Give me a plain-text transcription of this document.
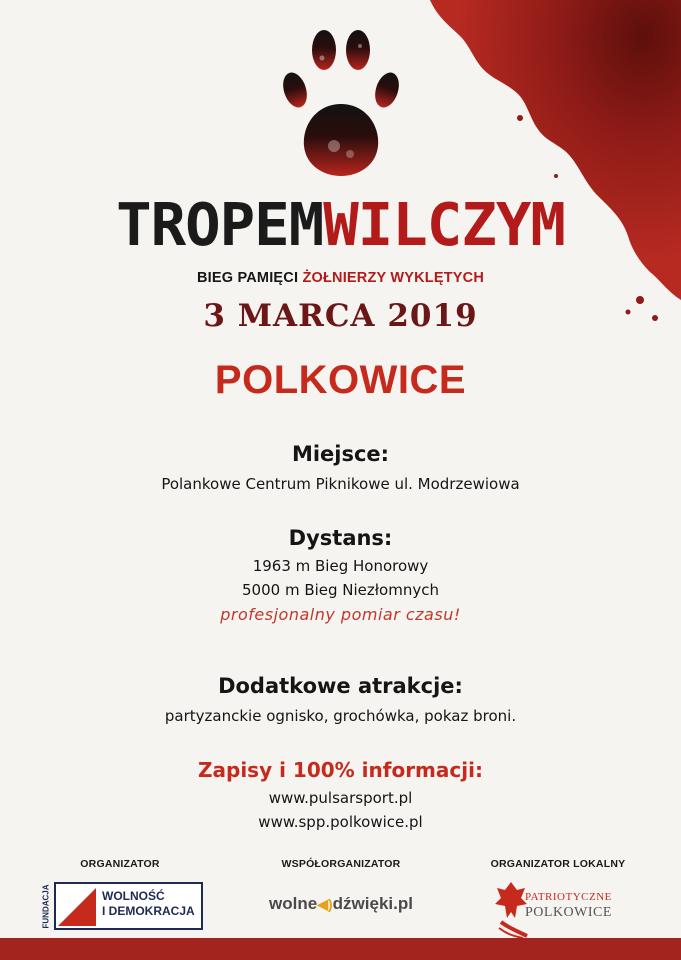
TROPEMWILCZYM
BIEG PAMIĘCI ŻOŁNIERZY WYKLĘTYCH
3 MARCA 2019
POLKOWICE
Miejsce:
Polankowe Centrum Piknikowe ul. Modrzewiowa
Dystans:
1963 m Bieg Honorowy
5000 m Bieg Niezłomnych
profesjonalny pomiar czasu!
Dodatkowe atrakcje:
partyzanckie ognisko, grochówka, pokaz broni.
Zapisy i 100% informacji:
www.pulsarsport.pl
www.spp.polkowice.pl
ORGANIZATOR
FUNDACJA	WOLNOŚĆ
I DEMOKRACJA
WSPÓŁORGANIZATOR
wolne◀)dźwięki.pl
ORGANIZATOR LOKALNY
PATRIOTYCZNE
POLKOWICE
